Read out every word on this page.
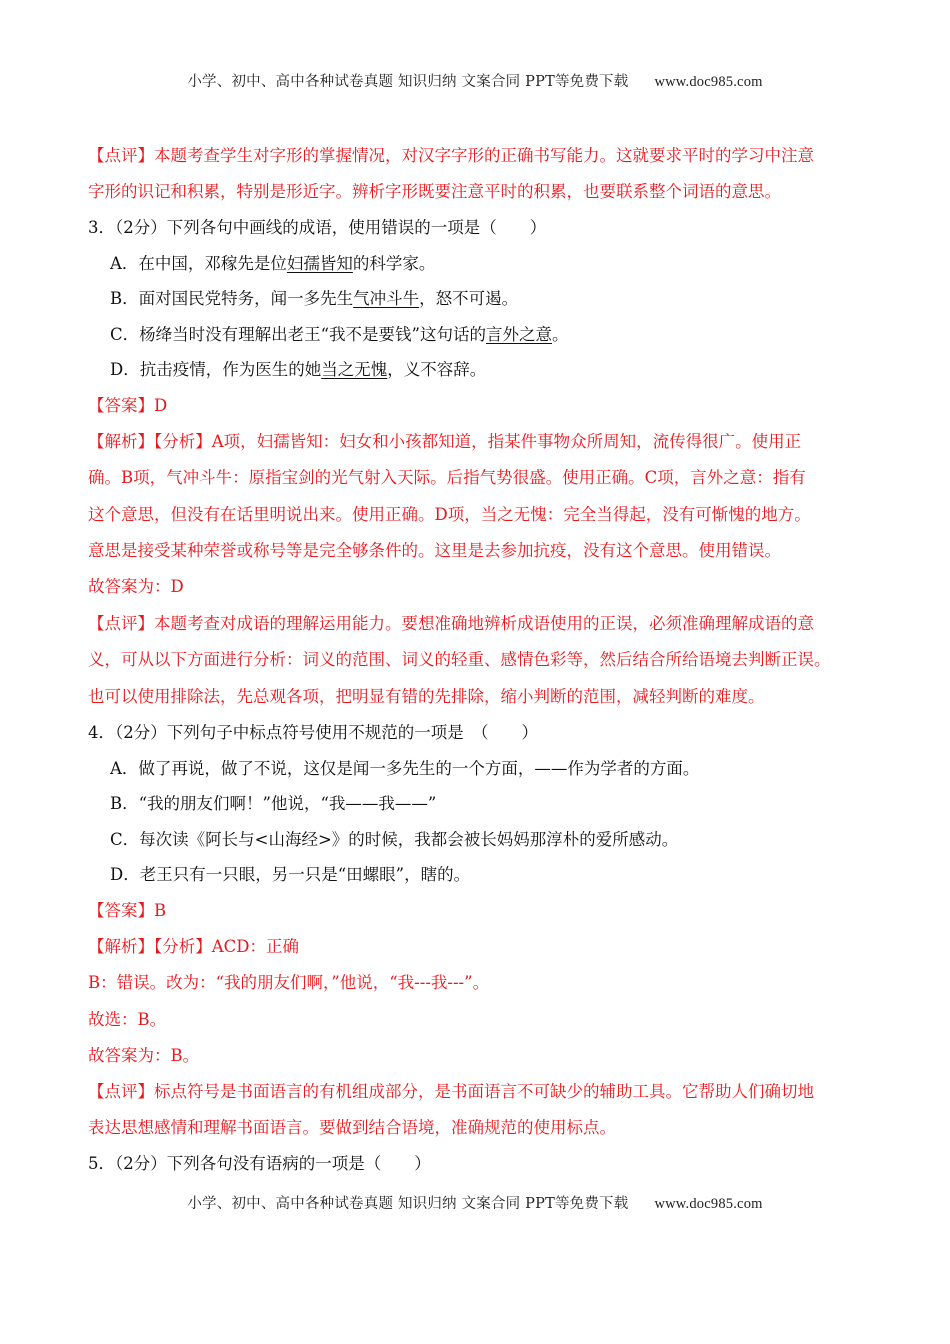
小学、初中、高中各种试卷真题 知识归纳 文案合同 PPT等免费下载 www.doc985.com
【点评】本题考查学生对字形的掌握情况，对汉字字形的正确书写能力。这就要求平时的学习中注意
字形的识记和积累，特别是形近字。辨析字形既要注意平时的积累，也要联系整个词语的意思。
3．（2分）下列各句中画线的成语，使用错误的一项是（　　）
A．在中国，邓稼先是位妇孺皆知的科学家。
B．面对国民党特务，闻一多先生气冲斗牛，怒不可遏。
C．杨绛当时没有理解出老王“我不是要钱”这句话的言外之意。
D．抗击疫情，作为医生的她当之无愧，义不容辞。
【答案】D
【解析】【分析】A项，妇孺皆知：妇女和小孩都知道，指某件事物众所周知，流传得很广。使用正
确。B项，气冲斗牛：原指宝剑的光气射入天际。后指气势很盛。使用正确。C项，言外之意：指有
这个意思，但没有在话里明说出来。使用正确。D项，当之无愧：完全当得起，没有可惭愧的地方。
意思是接受某种荣誉或称号等是完全够条件的。这里是去参加抗疫，没有这个意思。使用错误。
故答案为：D
【点评】本题考查对成语的理解运用能力。要想准确地辨析成语使用的正误，必须准确理解成语的意
义，可从以下方面进行分析：词义的范围、词义的轻重、感情色彩等，然后结合所给语境去判断正误。
也可以使用排除法，先总观各项，把明显有错的先排除，缩小判断的范围，减轻判断的难度。
4．（2分）下列句子中标点符号使用不规范的一项是　（　　）
A．做了再说，做了不说，这仅是闻一多先生的一个方面，——作为学者的方面。
B．“我的朋友们啊！”他说，“我——我——”
C．每次读《阿长与<山海经>》的时候，我都会被长妈妈那淳朴的爱所感动。
D．老王只有一只眼，另一只是“田螺眼”，瞎的。
【答案】B
【解析】【分析】ACD：正确
B：错误。改为：“我的朋友们啊，”他说，“我---我---”。
故选：B。
故答案为：B。
【点评】标点符号是书面语言的有机组成部分，是书面语言不可缺少的辅助工具。它帮助人们确切地
表达思想感情和理解书面语言。要做到结合语境，准确规范的使用标点。
5．（2分）下列各句没有语病的一项是（　　）
小学、初中、高中各种试卷真题 知识归纳 文案合同 PPT等免费下载 www.doc985.com
